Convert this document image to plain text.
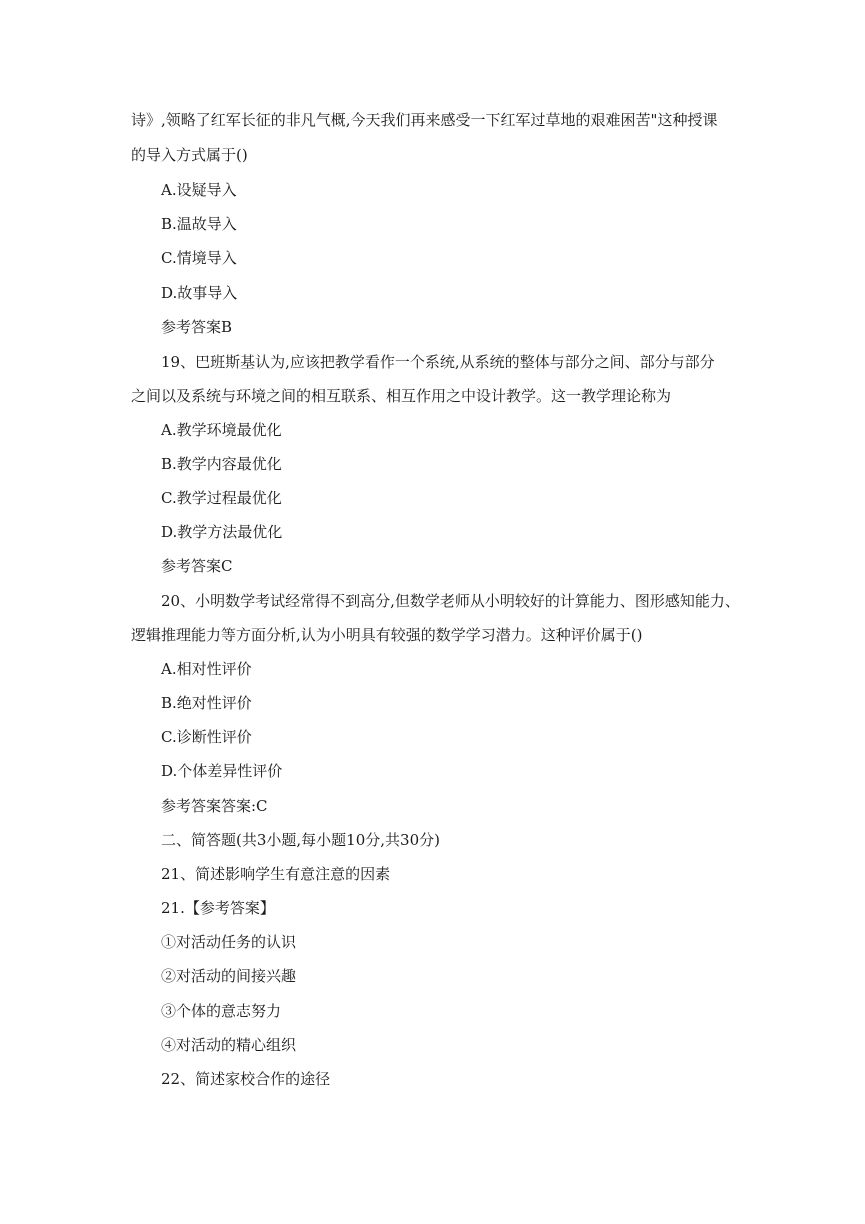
诗》,领略了红军长征的非凡气概,今天我们再来感受一下红军过草地的艰难困苦"这种授课
的导入方式属于()
A.设疑导入
B.温故导入
C.情境导入
D.故事导入
参考答案B
19、巴班斯基认为,应该把教学看作一个系统,从系统的整体与部分之间、部分与部分
之间以及系统与环境之间的相互联系、相互作用之中设计教学。这一教学理论称为
A.教学环境最优化
B.教学内容最优化
C.教学过程最优化
D.教学方法最优化
参考答案C
20、小明数学考试经常得不到高分,但数学老师从小明较好的计算能力、图形感知能力、
逻辑推理能力等方面分析,认为小明具有较强的数学学习潜力。这种评价属于()
A.相对性评价
B.绝对性评价
C.诊断性评价
D.个体差异性评价
参考答案答案:C
二、简答题(共3小题,每小题10分,共30分)
21、简述影响学生有意注意的因素
21.【参考答案】
①对活动任务的认识
②对活动的间接兴趣
③个体的意志努力
④对活动的精心组织
22、简述家校合作的途径
